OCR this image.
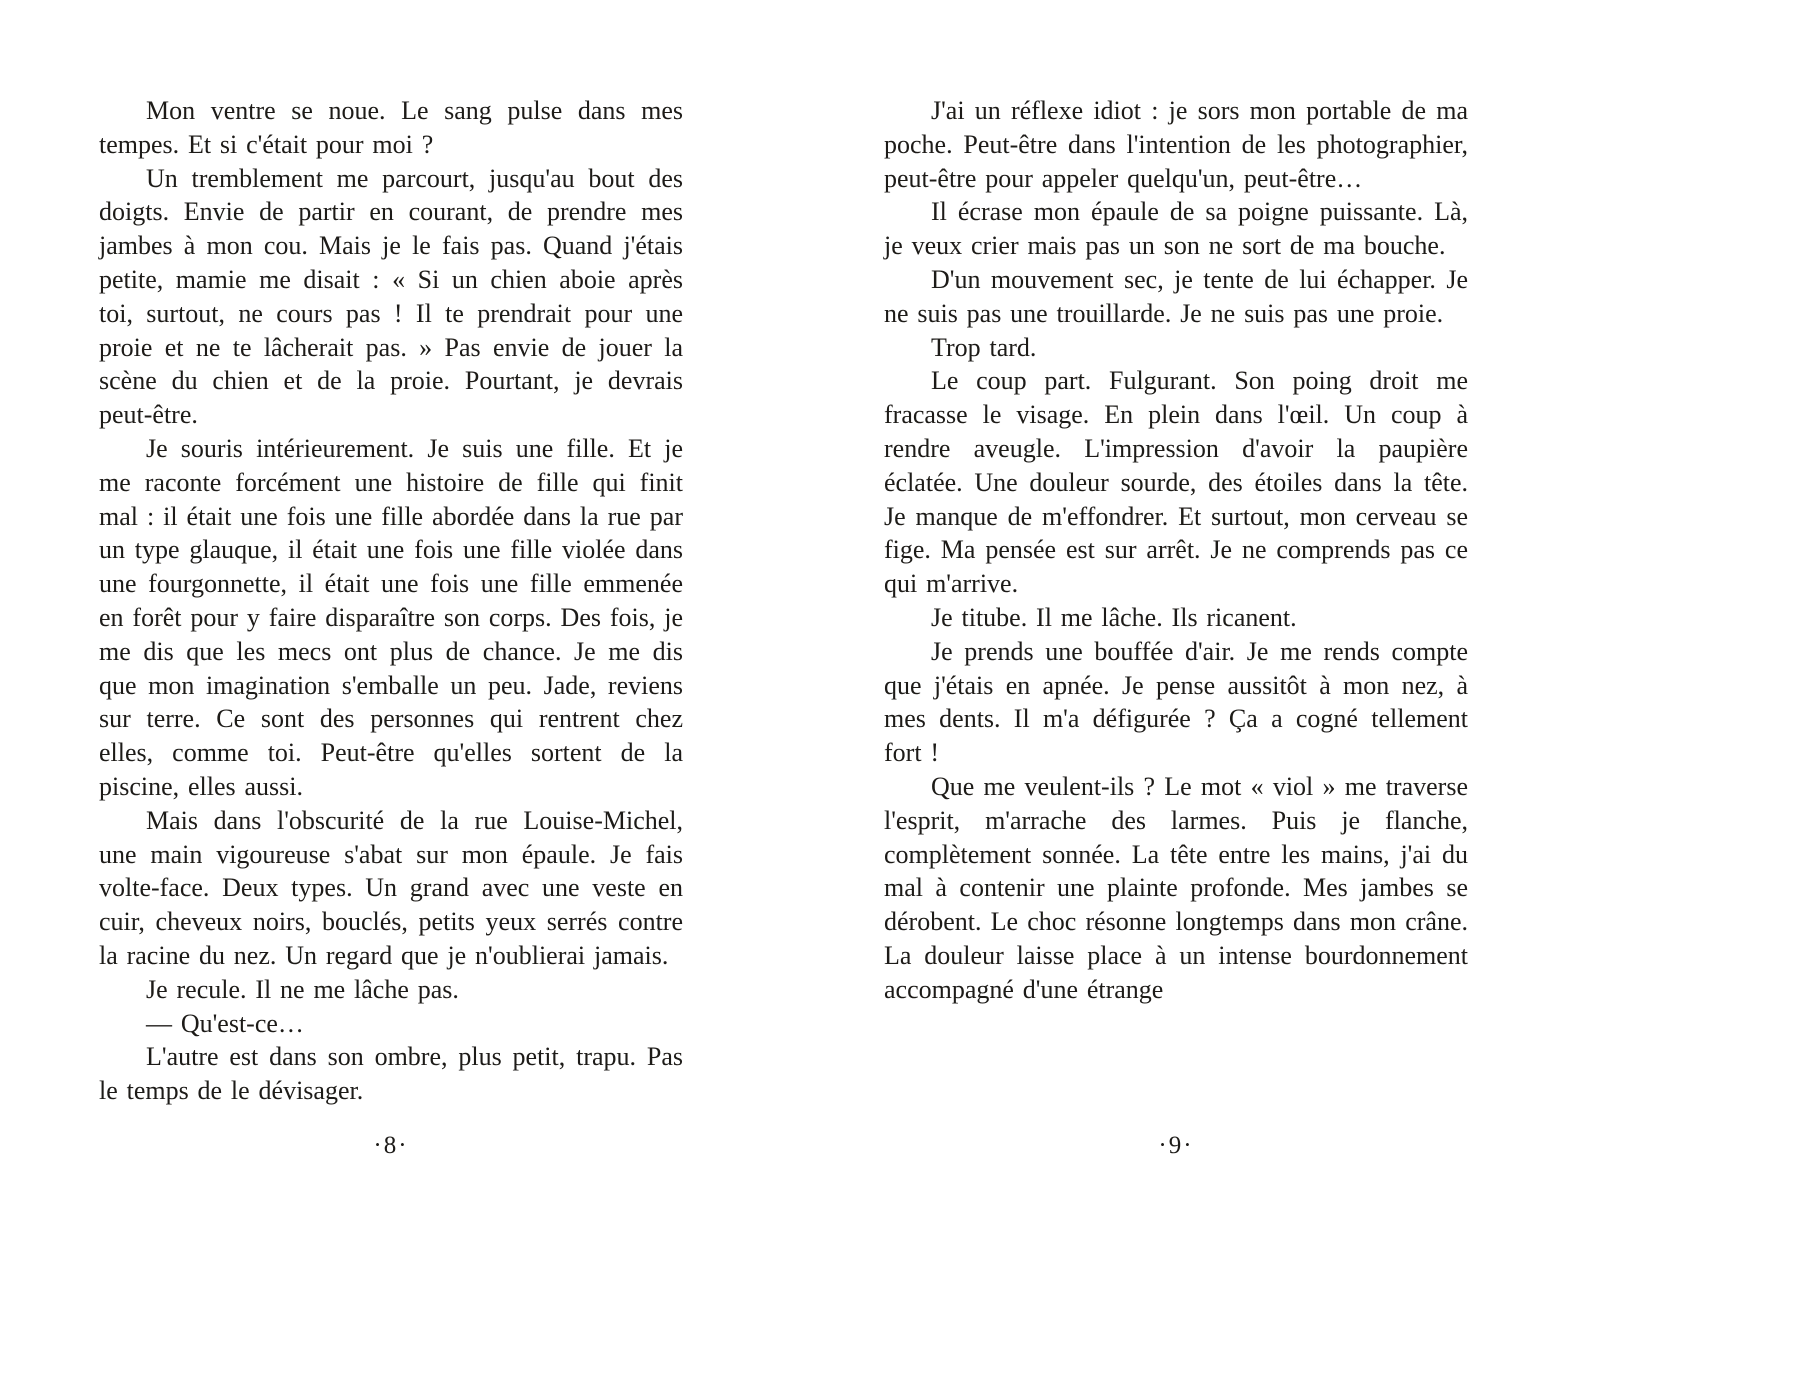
Mon ventre se noue. Le sang pulse dans mes tempes. Et si c'était pour moi ?

Un tremblement me parcourt, jusqu'au bout des doigts. Envie de partir en courant, de prendre mes jambes à mon cou. Mais je le fais pas. Quand j'étais petite, mamie me disait : « Si un chien aboie après toi, surtout, ne cours pas ! Il te prendrait pour une proie et ne te lâcherait pas. » Pas envie de jouer la scène du chien et de la proie. Pourtant, je devrais peut-être.

Je souris intérieurement. Je suis une fille. Et je me raconte forcément une histoire de fille qui finit mal : il était une fois une fille abordée dans la rue par un type glauque, il était une fois une fille violée dans une fourgonnette, il était une fois une fille emmenée en forêt pour y faire disparaître son corps. Des fois, je me dis que les mecs ont plus de chance. Je me dis que mon imagination s'emballe un peu. Jade, reviens sur terre. Ce sont des personnes qui rentrent chez elles, comme toi. Peut-être qu'elles sortent de la piscine, elles aussi.

Mais dans l'obscurité de la rue Louise-Michel, une main vigoureuse s'abat sur mon épaule. Je fais volte-face. Deux types. Un grand avec une veste en cuir, cheveux noirs, bouclés, petits yeux serrés contre la racine du nez. Un regard que je n'oublierai jamais.

Je recule. Il ne me lâche pas.

— Qu'est-ce…

L'autre est dans son ombre, plus petit, trapu. Pas le temps de le dévisager.

·8·

J'ai un réflexe idiot : je sors mon portable de ma poche. Peut-être dans l'intention de les photographier, peut-être pour appeler quelqu'un, peut-être…

Il écrase mon épaule de sa poigne puissante. Là, je veux crier mais pas un son ne sort de ma bouche.

D'un mouvement sec, je tente de lui échapper. Je ne suis pas une trouillarde. Je ne suis pas une proie.

Trop tard.

Le coup part. Fulgurant. Son poing droit me fracasse le visage. En plein dans l'œil. Un coup à rendre aveugle. L'impression d'avoir la paupière éclatée. Une douleur sourde, des étoiles dans la tête. Je manque de m'effondrer. Et surtout, mon cerveau se fige. Ma pensée est sur arrêt. Je ne comprends pas ce qui m'arrive.

Je titube. Il me lâche. Ils ricanent.

Je prends une bouffée d'air. Je me rends compte que j'étais en apnée. Je pense aussitôt à mon nez, à mes dents. Il m'a défigurée ? Ça a cogné tellement fort !

Que me veulent-ils ? Le mot « viol » me traverse l'esprit, m'arrache des larmes. Puis je flanche, complètement sonnée. La tête entre les mains, j'ai du mal à contenir une plainte profonde. Mes jambes se dérobent. Le choc résonne longtemps dans mon crâne. La douleur laisse place à un intense bourdonnement accompagné d'une étrange

·9·
